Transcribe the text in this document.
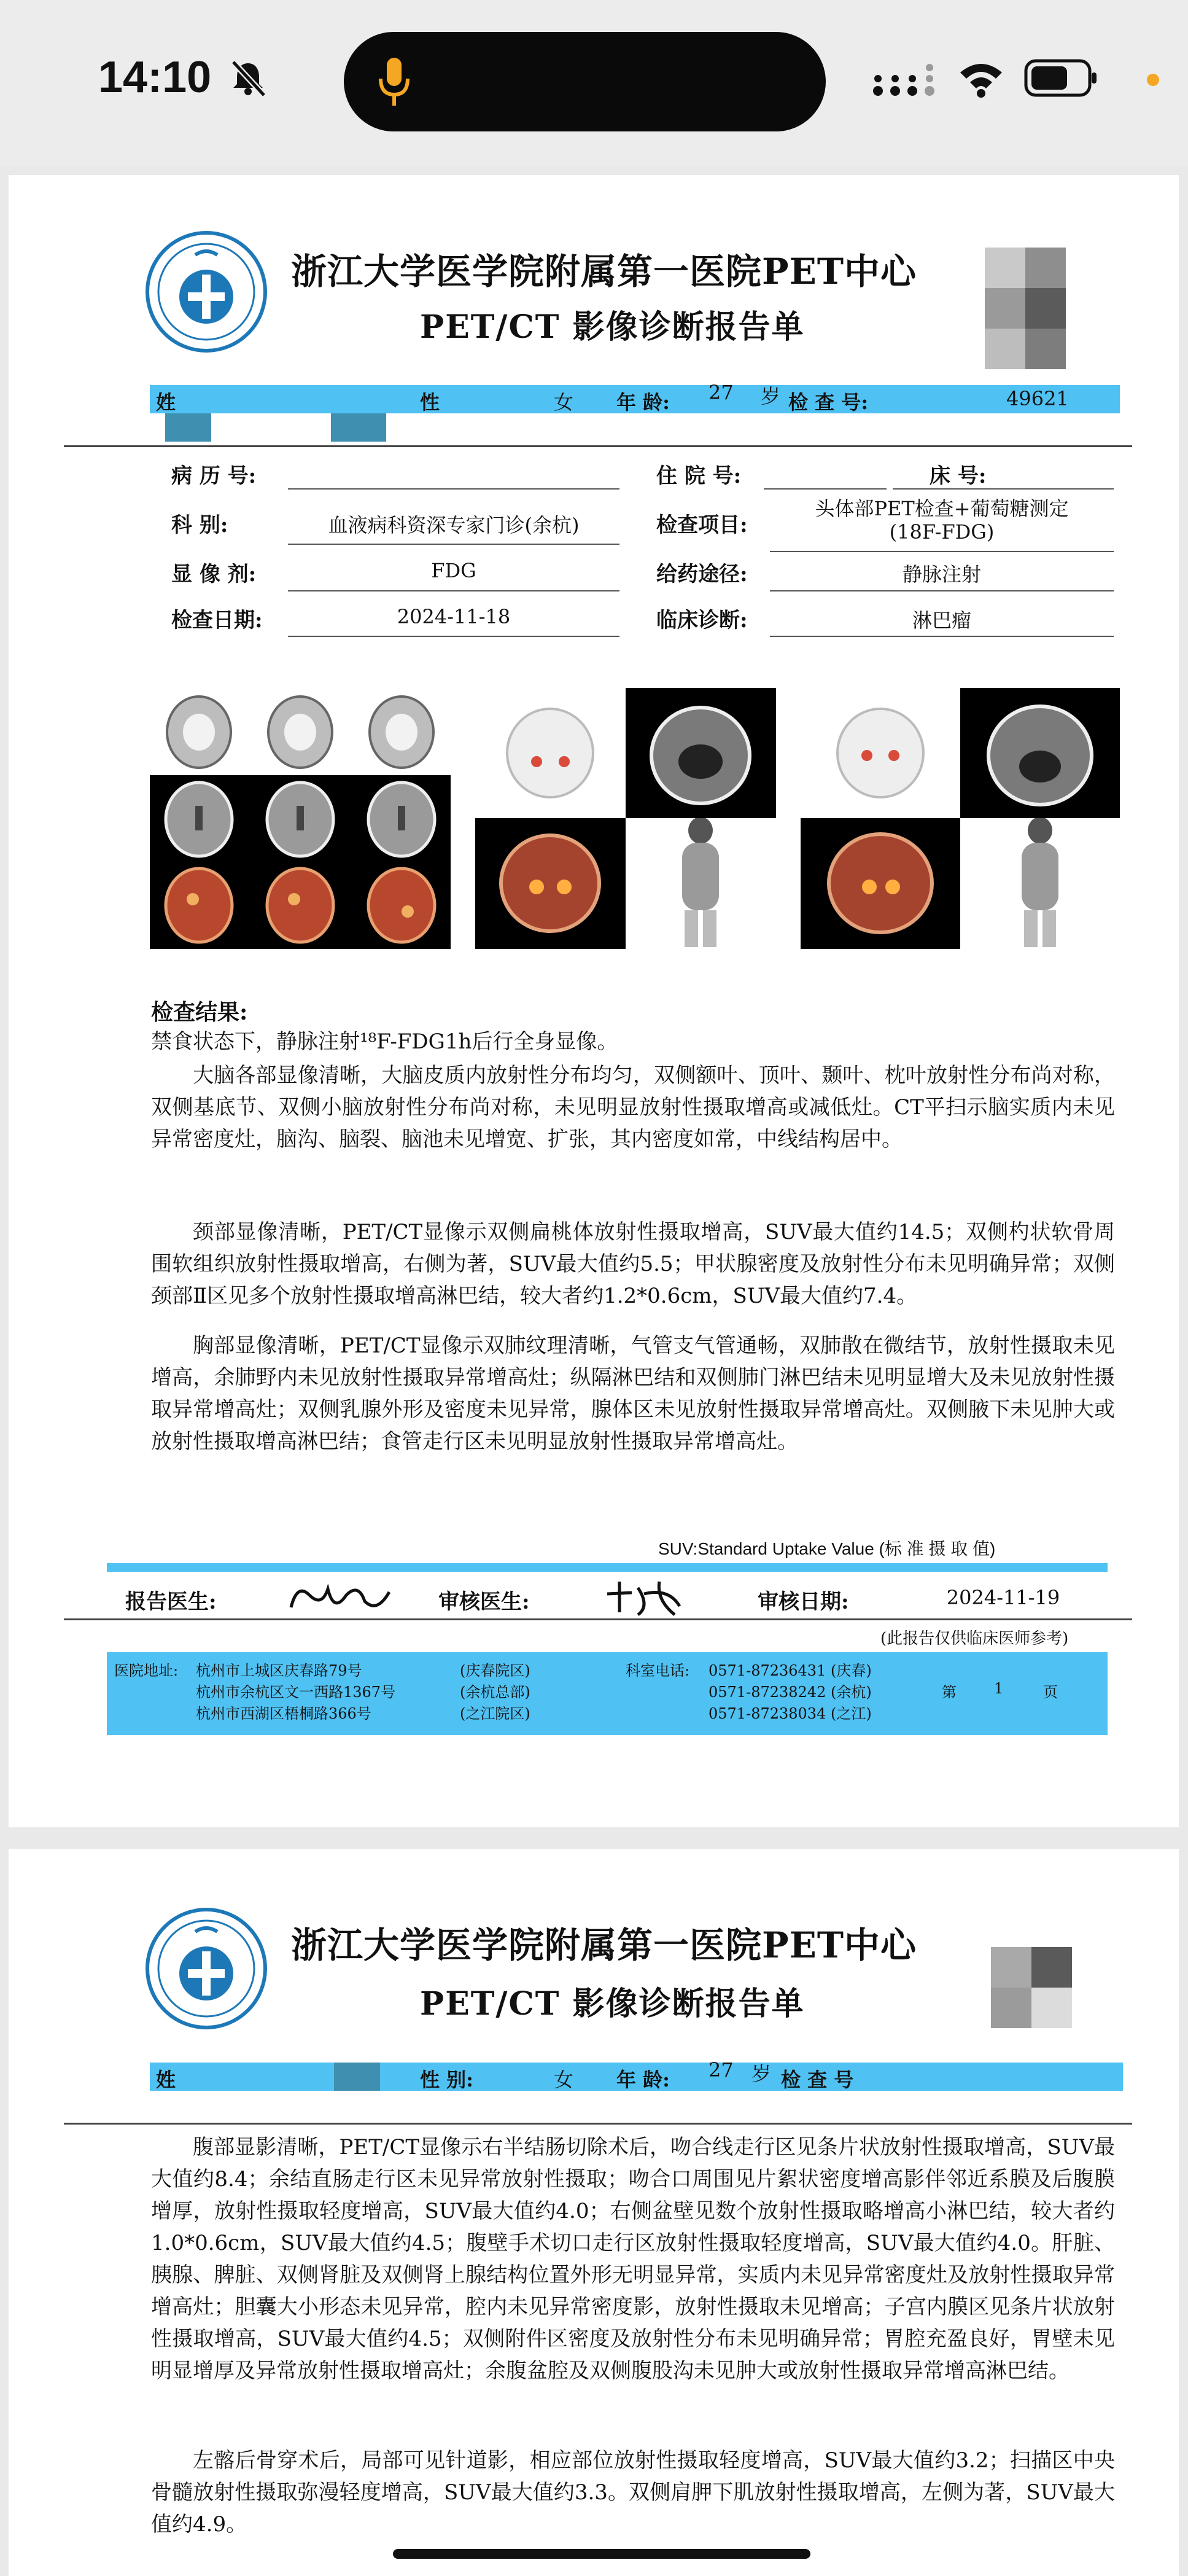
14:10
浙江大学医学院附属第一医院PET中心
PET/CT 影像诊断报告单
姓	性	女 年 龄: 27 岁 检 查 号:	49621
病 历 号:	住 院 号:	床 号:
科 别:	血液病科资深专家门诊(余杭)	检查项目:
头体部PET检查+葡萄糖测定
(18F-FDG)
显 像 剂:	FDG	给药途径:	静脉注射
检查日期:	2024-11-18	临床诊断:	淋巴瘤
检查结果:
禁食状态下，静脉注射¹⁸F-FDG1h后行全身显像。
大脑各部显像清晰，大脑皮质内放射性分布均匀，双侧额叶、顶叶、颞叶、枕叶放射性分布尚对称，双侧基底节、双侧小脑放射性分布尚对称，未见明显放射性摄取增高或减低灶。CT平扫示脑实质内未见异常密度灶，脑沟、脑裂、脑池未见增宽、扩张，其内密度如常，中线结构居中。
颈部显像清晰，PET/CT显像示双侧扁桃体放射性摄取增高，SUV最大值约14.5；双侧杓状软骨周围软组织放射性摄取增高，右侧为著，SUV最大值约5.5；甲状腺密度及放射性分布未见明确异常；双侧颈部Ⅱ区见多个放射性摄取增高淋巴结，较大者约1.2*0.6cm，SUV最大值约7.4。
胸部显像清晰，PET/CT显像示双肺纹理清晰，气管支气管通畅，双肺散在微结节，放射性摄取未见增高，余肺野内未见放射性摄取异常增高灶；纵隔淋巴结和双侧肺门淋巴结未见明显增大及未见放射性摄取异常增高灶；双侧乳腺外形及密度未见异常，腺体区未见放射性摄取异常增高灶。双侧腋下未见肿大或放射性摄取增高淋巴结；食管走行区未见明显放射性摄取异常增高灶。
SUV:Standard Uptake Value (标 准 摄 取 值)
报告医生:	审核医生:	审核日期:	2024-11-19
(此报告仅供临床医师参考)
医院地址: 杭州市上城区庆春路79号	(庆春院区)
杭州市余杭区文一西路1367号	(余杭总部)
杭州市西湖区梧桐路366号	(之江院区)
科室电话: 0571-87236431 (庆春)
0571-87238242 (余杭)
0571-87238034 (之江)
第	1	页
浙江大学医学院附属第一医院PET中心
PET/CT 影像诊断报告单
姓	性 别:	女 年 龄: 27 岁 检 查 号
腹部显影清晰，PET/CT显像示右半结肠切除术后，吻合线走行区见条片状放射性摄取增高，SUV最大值约8.4；余结直肠走行区未见异常放射性摄取；吻合口周围见片絮状密度增高影伴邻近系膜及后腹膜增厚，放射性摄取轻度增高，SUV最大值约4.0；右侧盆壁见数个放射性摄取略增高小淋巴结，较大者约1.0*0.6cm，SUV最大值约4.5；腹壁手术切口走行区放射性摄取轻度增高，SUV最大值约4.0。肝脏、胰腺、脾脏、双侧肾脏及双侧肾上腺结构位置外形无明显异常，实质内未见异常密度灶及放射性摄取异常增高灶；胆囊大小形态未见异常，腔内未见异常密度影，放射性摄取未见增高；子宫内膜区见条片状放射性摄取增高，SUV最大值约4.5；双侧附件区密度及放射性分布未见明确异常；胃腔充盈良好，胃壁未见明显增厚及异常放射性摄取增高灶；余腹盆腔及双侧腹股沟未见肿大或放射性摄取异常增高淋巴结。
左髂后骨穿术后，局部可见针道影，相应部位放射性摄取轻度增高，SUV最大值约3.2；扫描区中央骨髓放射性摄取弥漫轻度增高，SUV最大值约3.3。双侧肩胛下肌放射性摄取增高，左侧为著，SUV最大值约4.9。
